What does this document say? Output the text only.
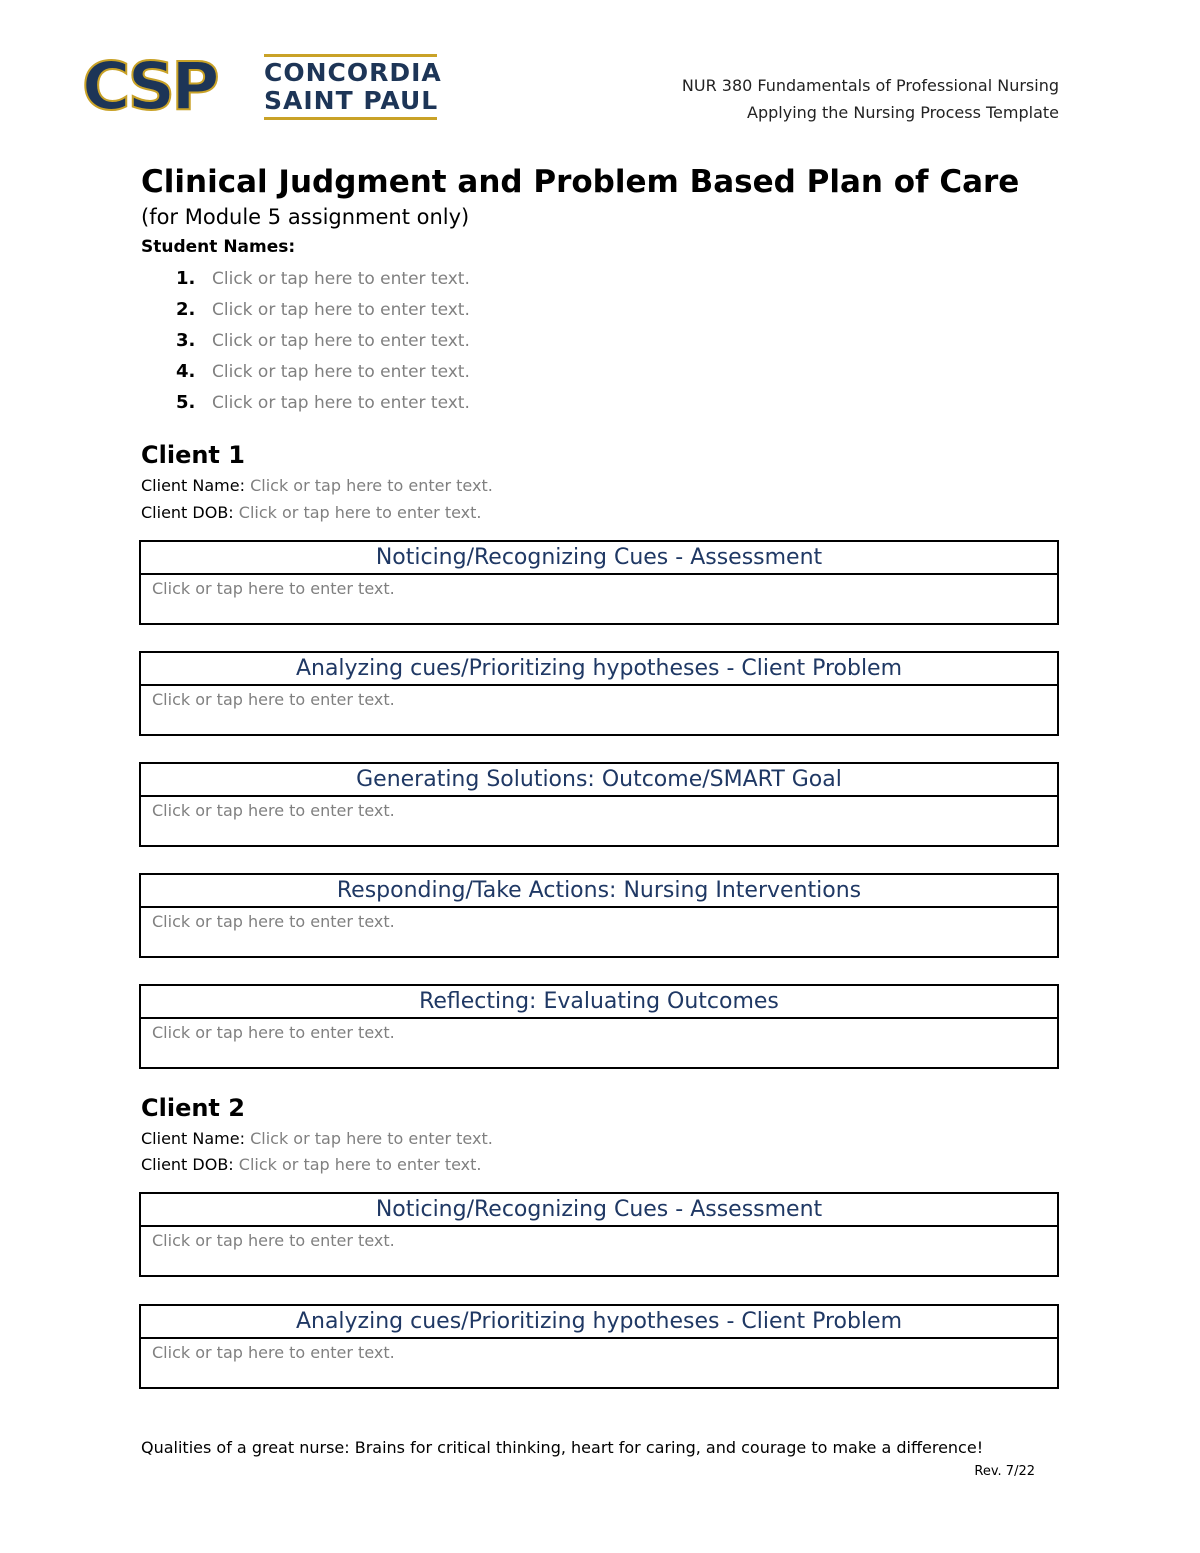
CSP CONCORDIA
SAINT PAUL
NUR 380 Fundamentals of Professional Nursing
Applying the Nursing Process Template
Clinical Judgment and Problem Based Plan of Care
(for Module 5 assignment only)
Student Names:
1. Click or tap here to enter text.
2. Click or tap here to enter text.
3. Click or tap here to enter text.
4. Click or tap here to enter text.
5. Click or tap here to enter text.
Client 1
Client Name: Click or tap here to enter text.
Client DOB: Click or tap here to enter text.
Noticing/Recognizing Cues - Assessment
Click or tap here to enter text.
Analyzing cues/Prioritizing hypotheses - Client Problem
Click or tap here to enter text.
Generating Solutions: Outcome/SMART Goal
Click or tap here to enter text.
Responding/Take Actions: Nursing Interventions
Click or tap here to enter text.
Reflecting: Evaluating Outcomes
Click or tap here to enter text.
Client 2
Client Name: Click or tap here to enter text.
Client DOB: Click or tap here to enter text.
Noticing/Recognizing Cues - Assessment
Click or tap here to enter text.
Analyzing cues/Prioritizing hypotheses - Client Problem
Click or tap here to enter text.
Qualities of a great nurse: Brains for critical thinking, heart for caring, and courage to make a difference!
Rev. 7/22
